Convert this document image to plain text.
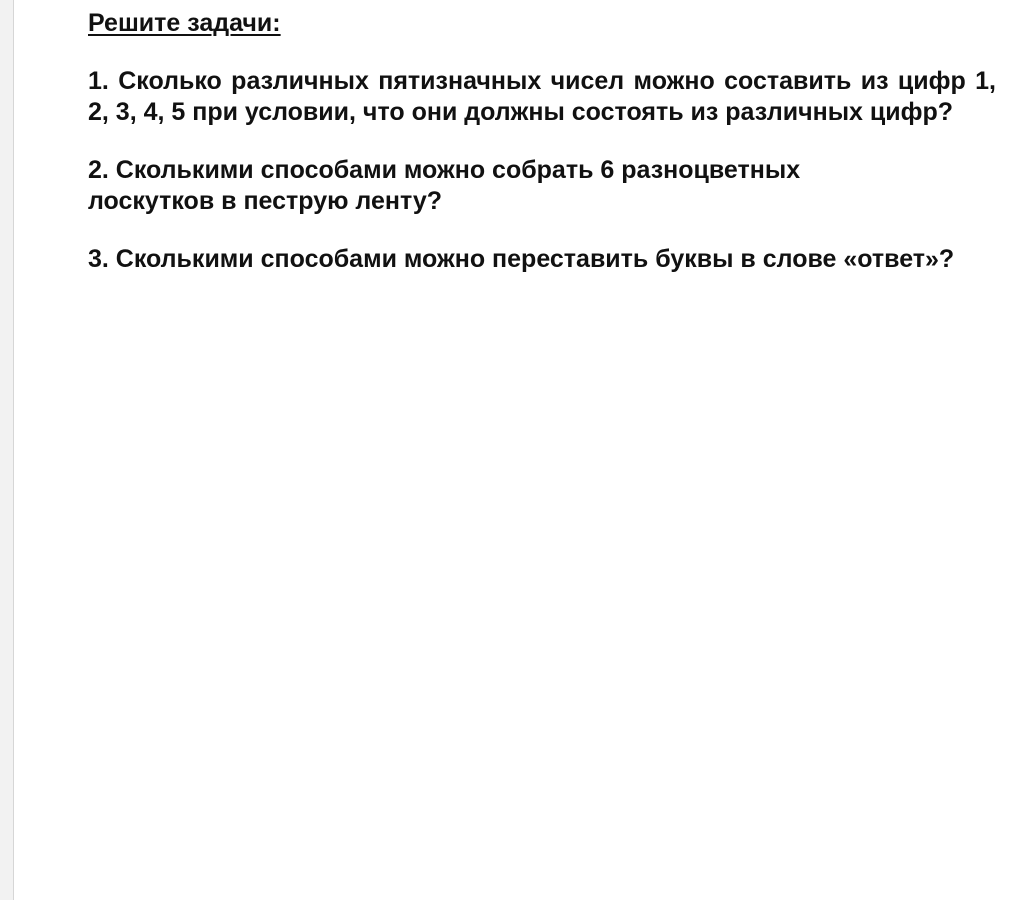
Решите задачи:
1. Сколько различных пятизначных чисел можно составить из цифр 1, 2, 3, 4, 5 при условии, что они должны состоять из различных цифр?
2. Сколькими способами можно собрать 6 разноцветных лоскутков в пеструю ленту?
3. Сколькими способами можно переставить буквы в слове «ответ»?
